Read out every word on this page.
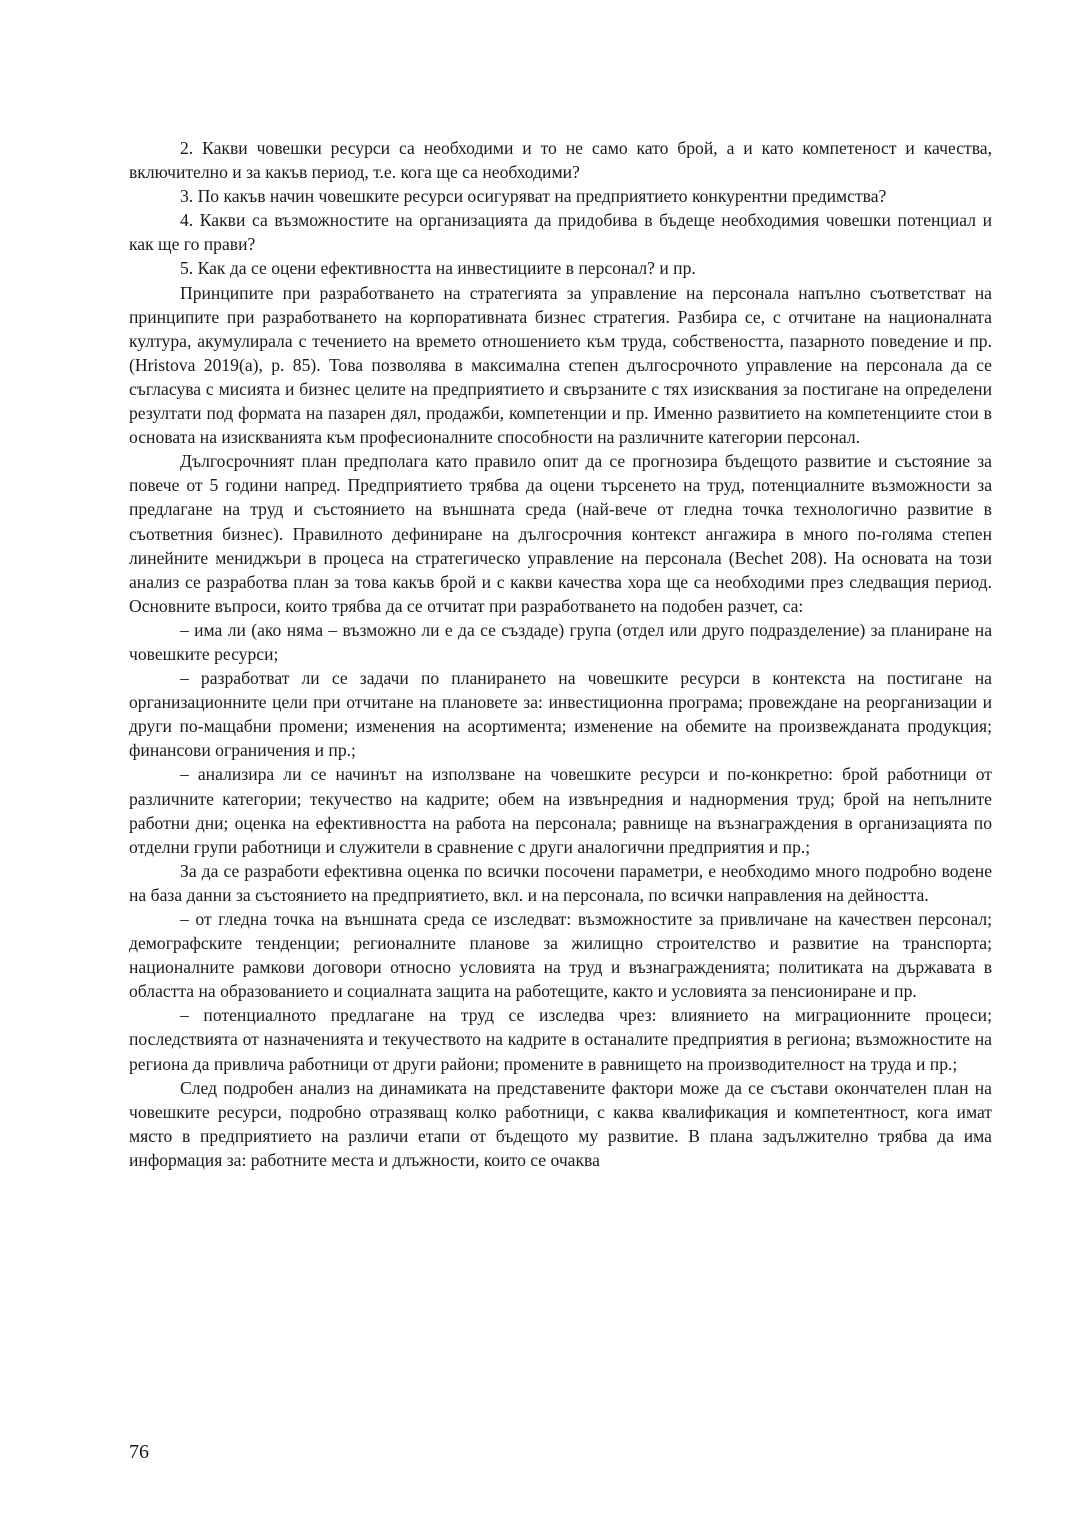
2. Какви човешки ресурси са необходими и то не само като брой, а и като компетеност и качества, включително и за какъв период, т.е. кога ще са необходими?

3. По какъв начин човешките ресурси осигуряват на предприятието конкурентни предимства?

4. Какви са възможностите на организацията да придобива в бъдеще необходимия човешки потенциал и как ще го прави?

5. Как да се оцени ефективността на инвестициите в персонал? и пр.

Принципите при разработването на стратегията за управление на персонала напълно съответстват на принципите при разработването на корпоративната бизнес стратегия. Разбира се, с отчитане на националната култура, акумулирала с течението на времето отношението към труда, собствеността, пазарното поведение и пр. (Hristova 2019(a), p. 85). Това позволява в максимална степен дългосрочното управление на персонала да се съгласува с мисията и бизнес целите на предприятието и свързаните с тях изисквания за постигане на определени резултати под формата на пазарен дял, продажби, компетенции и пр. Именно развитието на компетенциите стои в основата на изискванията към професионалните способности на различните категории персонал.

Дългосрочният план предполага като правило опит да се прогнозира бъдещото развитие и състояние за повече от 5 години напред. Предприятието трябва да оцени търсенето на труд, потенциалните възможности за предлагане на труд и състоянието на външната среда (най-вече от гледна точка технологично развитие в съответния бизнес). Правилното дефиниране на дългосрочния контекст ангажира в много по-голяма степен линейните мениджъри в процеса на стратегическо управление на персонала (Bechet 208). На основата на този анализ се разработва план за това какъв брой и с какви качества хора ще са необходими през следващия период. Основните въпроси, които трябва да се отчитат при разработването на подобен разчет, са:

– има ли (ако няма – възможно ли е да се създаде) група (отдел или друго подразделение) за планиране на човешките ресурси;

– разработват ли се задачи по планирането на човешките ресурси в контекста на постигане на организационните цели при отчитане на плановете за: инвестиционна програма; провеждане на реорганизации и други по-мащабни промени; изменения на асортимента; изменение на обемите на произвежданата продукция; финансови ограничения и пр.;

– анализира ли се начинът на използване на човешките ресурси и по-конкретно: брой работници от различните категории; текучество на кадрите; обем на извънредния и наднормения труд; брой на непълните работни дни; оценка на ефективността на работа на персонала; равнище на възнаграждения в организацията по отделни групи работници и служители в сравнение с други аналогични предприятия и пр.;

За да се разработи ефективна оценка по всички посочени параметри, е необходимо много подробно водене на база данни за състоянието на предприятието, вкл. и на персонала, по всички направления на дейността.

– от гледна точка на външната среда се изследват: възможностите за привличане на качествен персонал; демографските тенденции; регионалните планове за жилищно строителство и развитие на транспорта; националните рамкови договори относно условията на труд и възнагражденията; политиката на държавата в областта на образованието и социалната защита на работещите, както и условията за пенсиониране и пр.

– потенциалното предлагане на труд се изследва чрез: влиянието на миграционните процеси; последствията от назначенията и текучеството на кадрите в останалите предприятия в региона; възможностите на региона да привлича работници от други райони; промените в равнището на производителност на труда и пр.;

След подробен анализ на динамиката на представените фактори може да се състави окончателен план на човешките ресурси, подробно отразяващ колко работници, с каква квалификация и компетентност, кога имат място в предприятието на различи етапи от бъдещото му развитие. В плана задължително трябва да има информация за: работните места и длъжности, които се очаква

76
